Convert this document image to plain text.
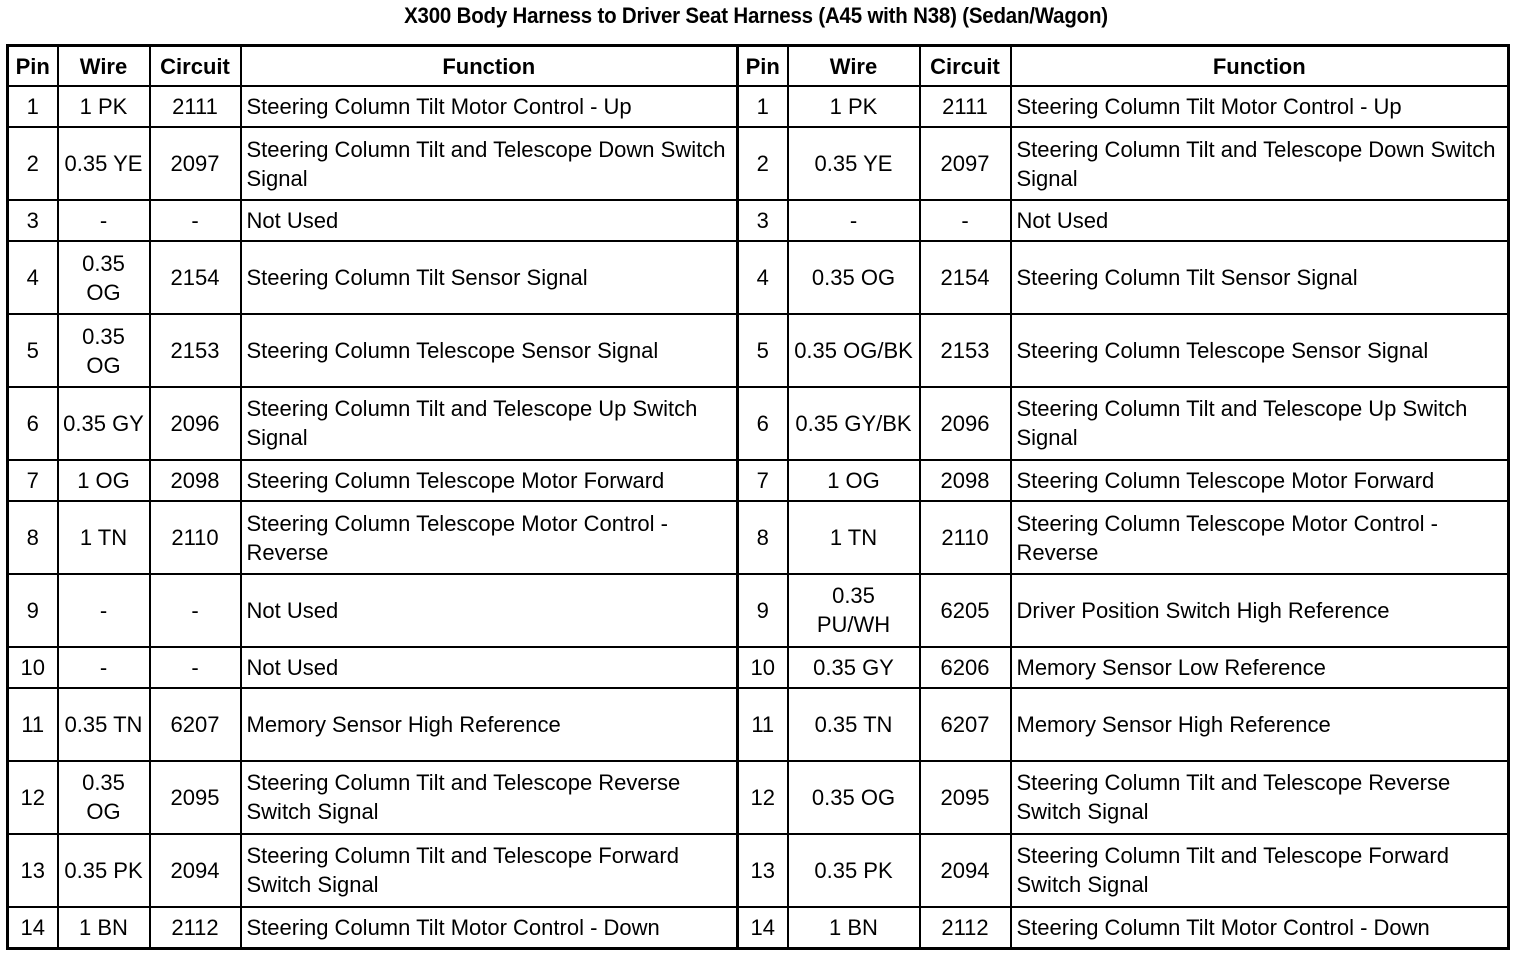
X300 Body Harness to Driver Seat Harness (A45 with N38) (Sedan/Wagon)
Pin	Wire	Circuit	Function	Pin	Wire	Circuit	Function
1	1 PK	2111	Steering Column Tilt Motor Control - Up	1	1 PK	2111	Steering Column Tilt Motor Control - Up
2	0.35 YE	2097	Steering Column Tilt and Telescope Down Switch Signal	2	0.35 YE	2097	Steering Column Tilt and Telescope Down Switch Signal
3	-	-	Not Used	3	-	-	Not Used
4	0.35 OG	2154	Steering Column Tilt Sensor Signal	4	0.35 OG	2154	Steering Column Tilt Sensor Signal
5	0.35 OG	2153	Steering Column Telescope Sensor Signal	5	0.35 OG/BK	2153	Steering Column Telescope Sensor Signal
6	0.35 GY	2096	Steering Column Tilt and Telescope Up Switch Signal	6	0.35 GY/BK	2096	Steering Column Tilt and Telescope Up Switch Signal
7	1 OG	2098	Steering Column Telescope Motor Forward	7	1 OG	2098	Steering Column Telescope Motor Forward
8	1 TN	2110	Steering Column Telescope Motor Control - Reverse	8	1 TN	2110	Steering Column Telescope Motor Control - Reverse
9	-	-	Not Used	9	0.35 PU/WH	6205	Driver Position Switch High Reference
10	-	-	Not Used	10	0.35 GY	6206	Memory Sensor Low Reference
11	0.35 TN	6207	Memory Sensor High Reference	11	0.35 TN	6207	Memory Sensor High Reference
12	0.35 OG	2095	Steering Column Tilt and Telescope Reverse Switch Signal	12	0.35 OG	2095	Steering Column Tilt and Telescope Reverse Switch Signal
13	0.35 PK	2094	Steering Column Tilt and Telescope Forward Switch Signal	13	0.35 PK	2094	Steering Column Tilt and Telescope Forward Switch Signal
14	1 BN	2112	Steering Column Tilt Motor Control - Down	14	1 BN	2112	Steering Column Tilt Motor Control - Down
